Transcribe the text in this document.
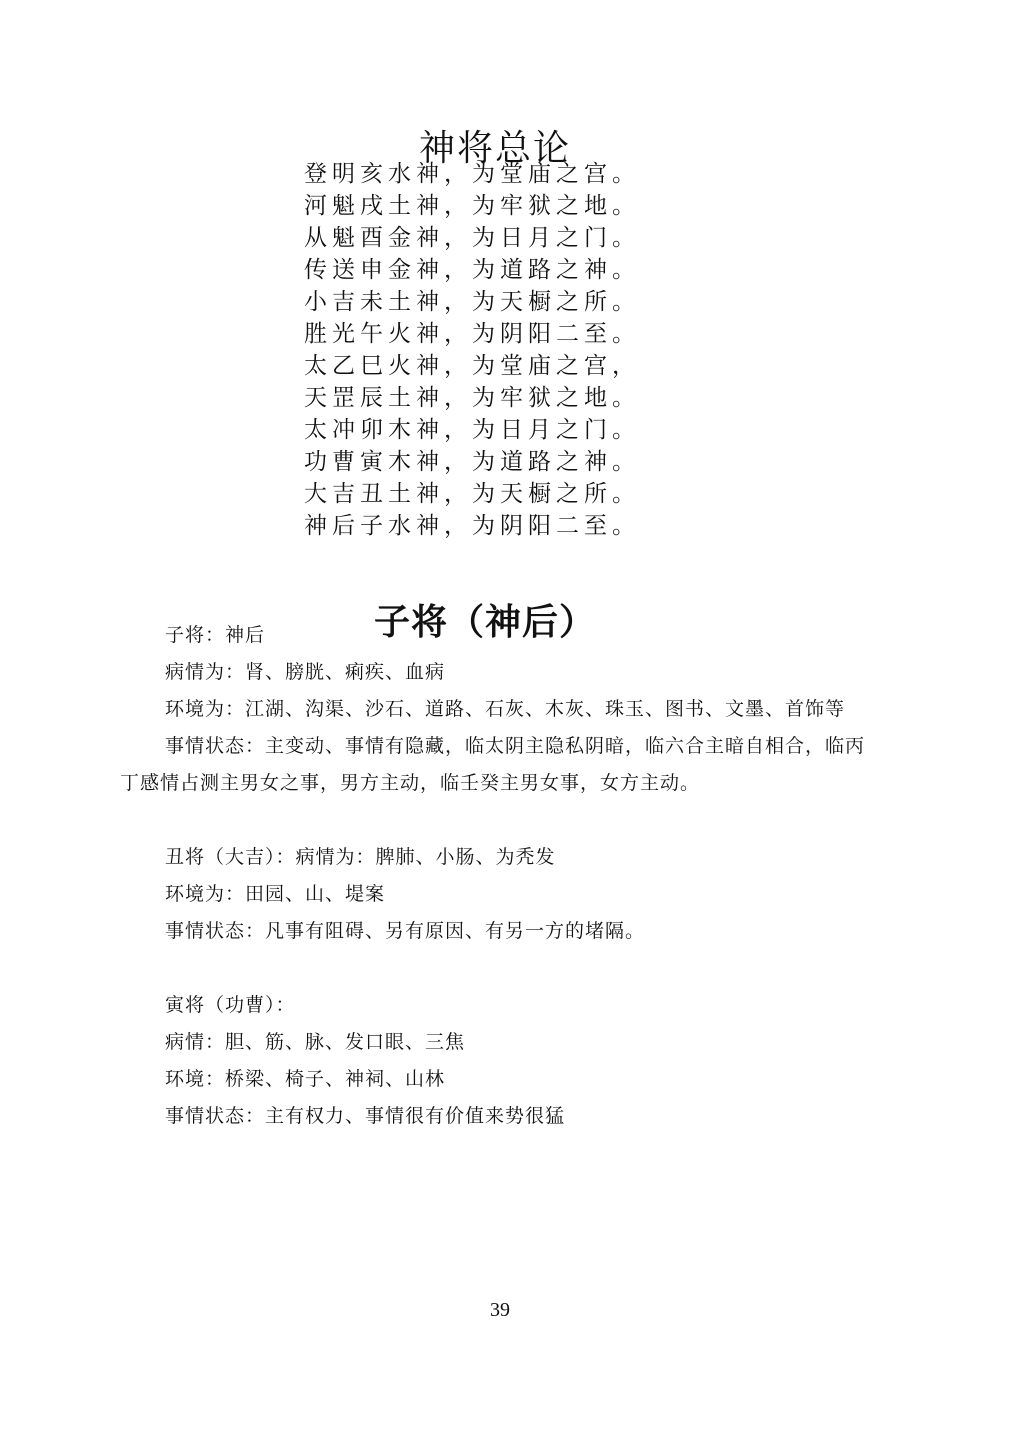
神将总论
登明亥水神，为堂庙之宫。
河魁戌土神，为牢狱之地。
从魁酉金神，为日月之门。
传送申金神，为道路之神。
小吉未土神，为天橱之所。
胜光午火神，为阴阳二至。
太乙巳火神，为堂庙之宫，
天罡辰土神，为牢狱之地。
太冲卯木神，为日月之门。
功曹寅木神，为道路之神。
大吉丑土神，为天橱之所。
神后子水神，为阴阳二至。
子将（神后）
子将：神后
病情为：肾、膀胱、痢疾、血病
环境为：江湖、沟渠、沙石、道路、石灰、木灰、珠玉、图书、文墨、首饰等
事情状态：主变动、事情有隐藏，临太阴主隐私阴暗，临六合主暗自相合，临丙丁感情占测主男女之事，男方主动，临壬癸主男女事，女方主动。
丑将（大吉）：病情为：脾肺、小肠、为秃发
环境为：田园、山、堤案
事情状态：凡事有阻碍、另有原因、有另一方的堵隔。
寅将（功曹）：
病情：胆、筋、脉、发口眼、三焦
环境：桥梁、椅子、神祠、山林
事情状态：主有权力、事情很有价值来势很猛
39
